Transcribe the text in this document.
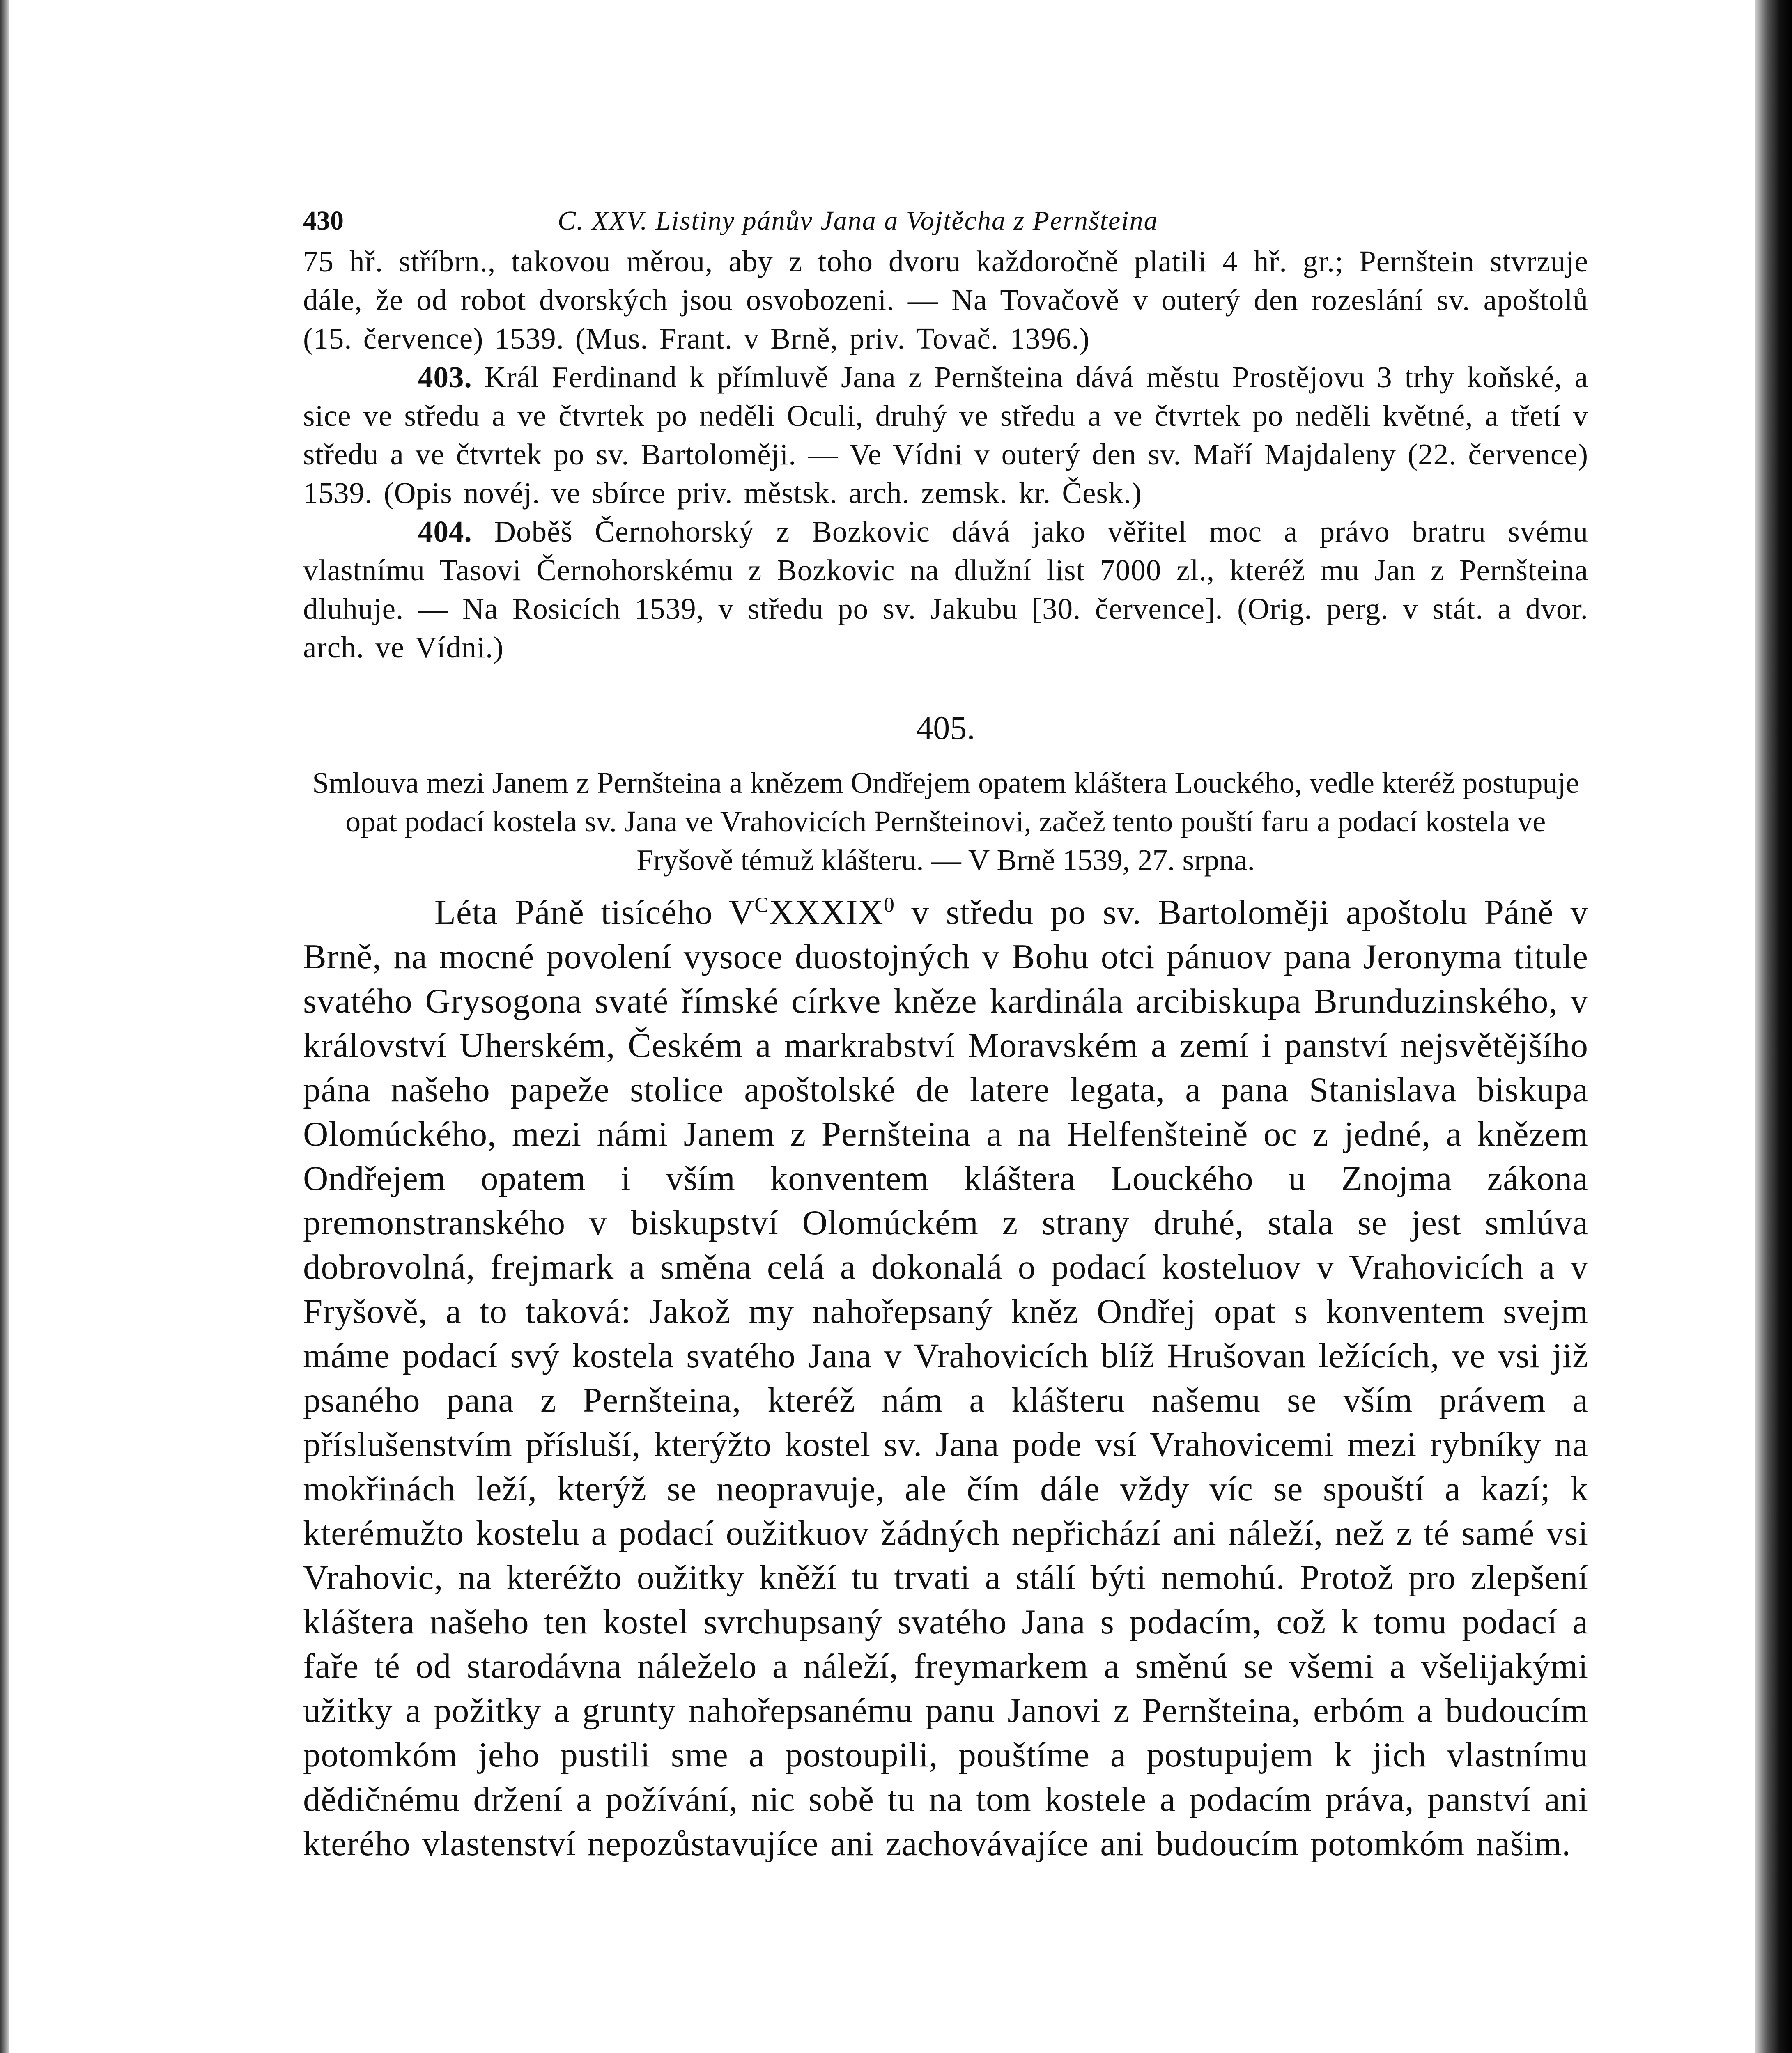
430	C. XXV. Listiny pánův Jana a Vojtěcha z Pernšteina

75 hř. stříbrn., takovou měrou, aby z toho dvoru každoročně platili 4 hř. gr.; Pernštein stvrzuje dále, že od robot dvorských jsou osvobozeni. — Na Tovačově v outerý den rozeslání sv. apoštolů (15. července) 1539. (Mus. Frant. v Brně, priv. Tovač. 1396.)

403. Král Ferdinand k přímluvě Jana z Pernšteina dává městu Prostějovu 3 trhy koňské, a sice ve středu a ve čtvrtek po neděli Oculi, druhý ve středu a ve čtvrtek po neděli květné, a třetí v středu a ve čtvrtek po sv. Bartoloměji. — Ve Vídni v outerý den sv. Maří Majdaleny (22. července) 1539. (Opis novéj. ve sbírce priv. městsk. arch. zemsk. kr. Česk.)

404. Doběš Černohorský z Bozkovic dává jako věřitel moc a právo bratru svému vlastnímu Tasovi Černohorskému z Bozkovic na dlužní list 7000 zl., kteréž mu Jan z Pernšteina dluhuje. — Na Rosicích 1539, v středu po sv. Jakubu [30. července]. (Orig. perg. v stát. a dvor. arch. ve Vídni.)

405.

Smlouva mezi Janem z Pernšteina a knězem Ondřejem opatem kláštera Louckého, vedle kteréž postupuje opat podací kostela sv. Jana ve Vrahovicích Pernšteinovi, začež tento pouští faru a podací kostela ve Fryšově témuž klášteru. — V Brně 1539, 27. srpna.

Léta Páně tisícého $V^CXXXIX^0$ v středu po sv. Bartoloměji apoštolu Páně v Brně, na mocné povolení vysoce duostojných v Bohu otci pánuov pana Jeronyma titule svatého Grysogona svaté římské církve kněze kardinála arcibiskupa Brunduzinského, v království Uherském, Českém a markrabství Moravském a zemí i panství nejsvětějšího pána našeho papeže stolice apoštolské de latere legata, a pana Stanislava biskupa Olomúckého, mezi námi Janem z Pernšteina a na Helfenšteině oc z jedné, a knězem Ondřejem opatem i vším konventem kláštera Louckého u Znojma zákona premonstranského v biskupství Olomúckém z strany druhé, stala se jest smlúva dobrovolná, frejmark a směna celá a dokonalá o podací kosteluov v Vrahovicích a v Fryšově, a to taková: Jakož my nahořepsaný kněz Ondřej opat s konventem svejm máme podací svý kostela svatého Jana v Vrahovicích blíž Hrušovan ležících, ve vsi již psaného pana z Pernšteina, kteréž nám a klášteru našemu se vším právem a příslušenstvím přísluší, kterýžto kostel sv. Jana pode vsí Vrahovicemi mezi rybníky na mokřinách leží, kterýž se neopravuje, ale čím dále vždy víc se spouští a kazí; k kterémužto kostelu a podací oužitkuov žádných nepřichází ani náleží, než z té samé vsi Vrahovic, na kteréžto oužitky kněží tu trvati a stálí býti nemohú. Protož pro zlepšení kláštera našeho ten kostel svrchupsaný svatého Jana s podacím, což k tomu podací a faře té od starodávna náleželo a náleží, freymarkem a směnú se všemi a všelijakými užitky a požitky a grunty nahořepsanému panu Janovi z Pernšteina, erbóm a budoucím potomkóm jeho pustili sme a postoupili, pouštíme a postupujem k jich vlastnímu dědičnému držení a požívání, nic sobě tu na tom kostele a podacím práva, panství ani kterého vlastenství nepozůstavujíce ani zachovávajíce ani budoucím potomkóm našim.
